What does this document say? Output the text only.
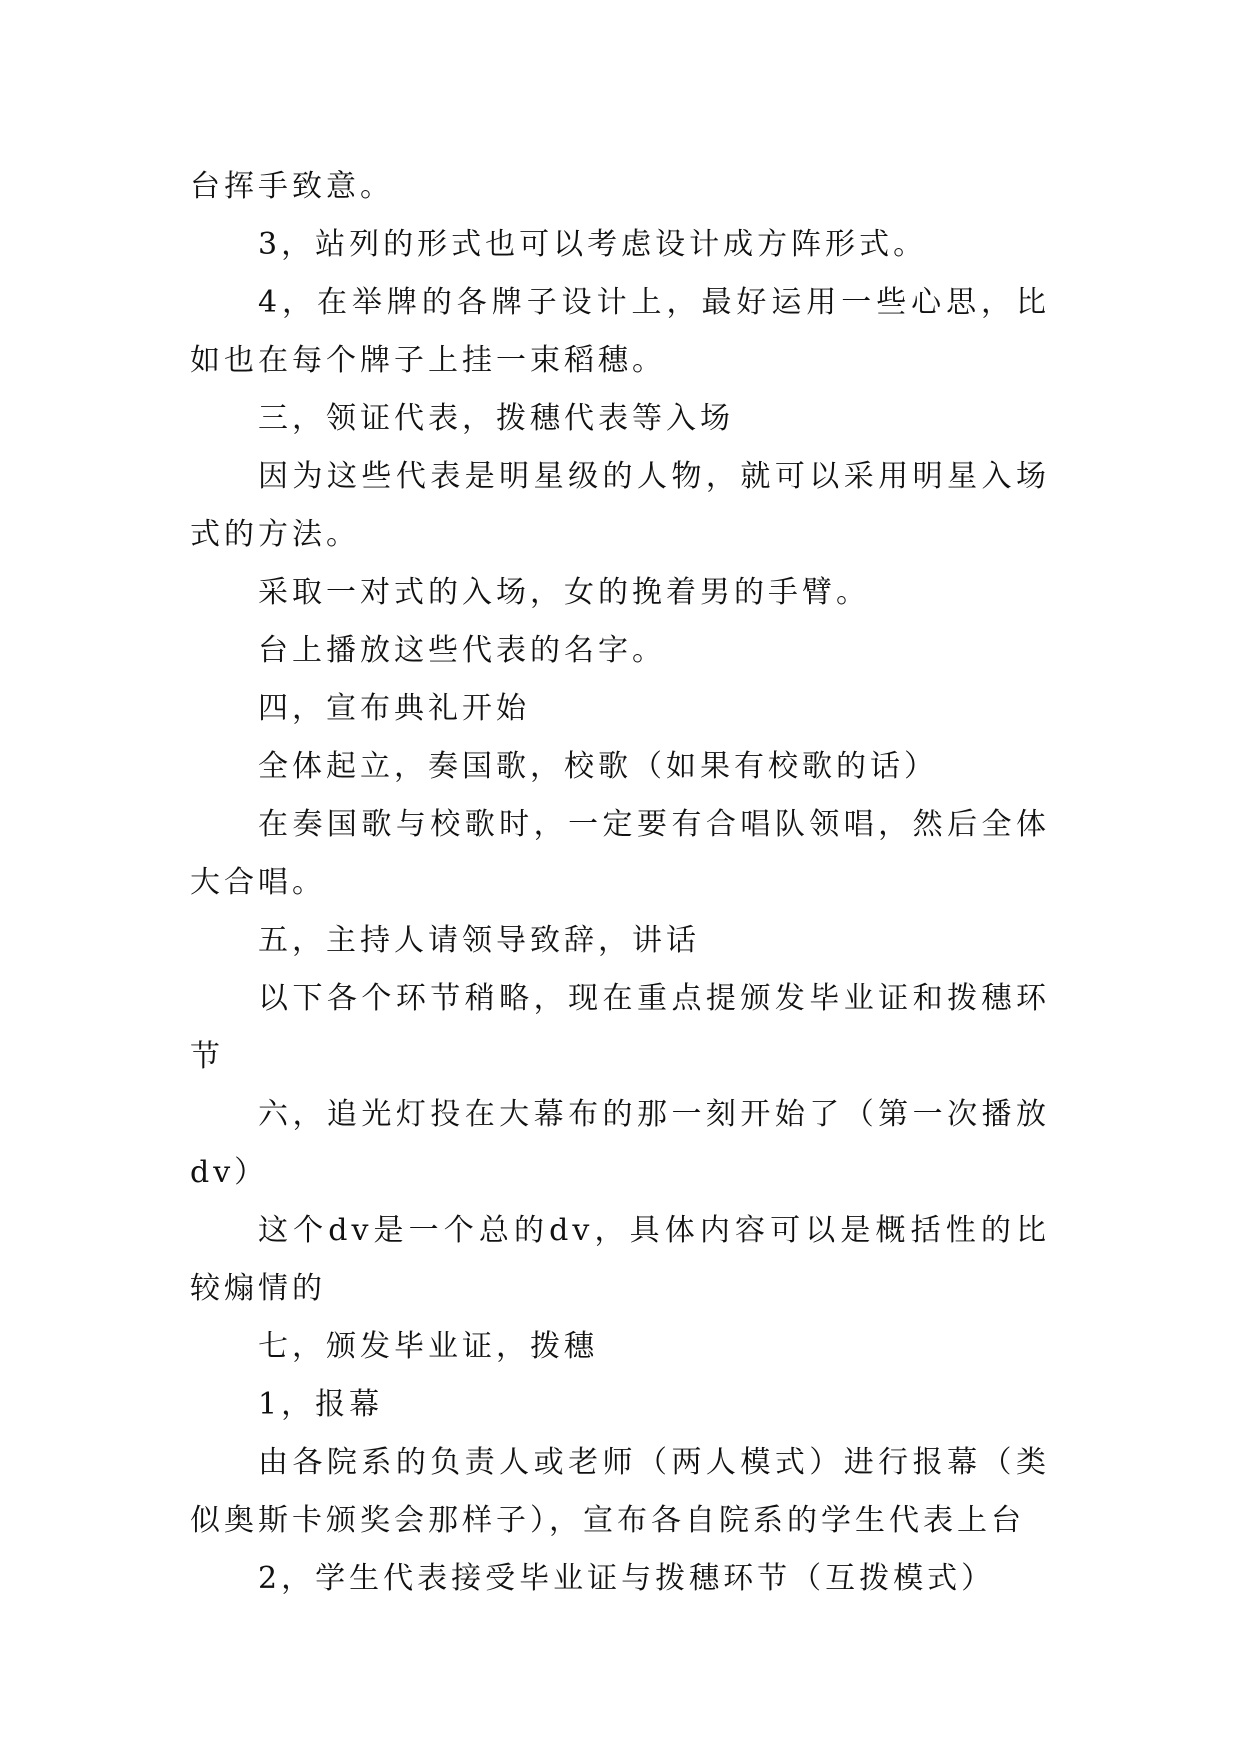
台挥手致意。

3，站列的形式也可以考虑设计成方阵形式。

4，在举牌的各牌子设计上，最好运用一些心思，比如也在每个牌子上挂一束稻穗。

三，领证代表，拨穗代表等入场

因为这些代表是明星级的人物，就可以采用明星入场式的方法。

采取一对式的入场，女的挽着男的手臂。

台上播放这些代表的名字。

四，宣布典礼开始

全体起立，奏国歌，校歌（如果有校歌的话）

在奏国歌与校歌时，一定要有合唱队领唱，然后全体大合唱。

五，主持人请领导致辞，讲话

以下各个环节稍略，现在重点提颁发毕业证和拨穗环节

六，追光灯投在大幕布的那一刻开始了（第一次播放dv）

这个dv是一个总的dv，具体内容可以是概括性的比较煽情的

七，颁发毕业证，拨穗

1，报幕

由各院系的负责人或老师（两人模式）进行报幕（类似奥斯卡颁奖会那样子），宣布各自院系的学生代表上台

2，学生代表接受毕业证与拨穗环节（互拨模式）
